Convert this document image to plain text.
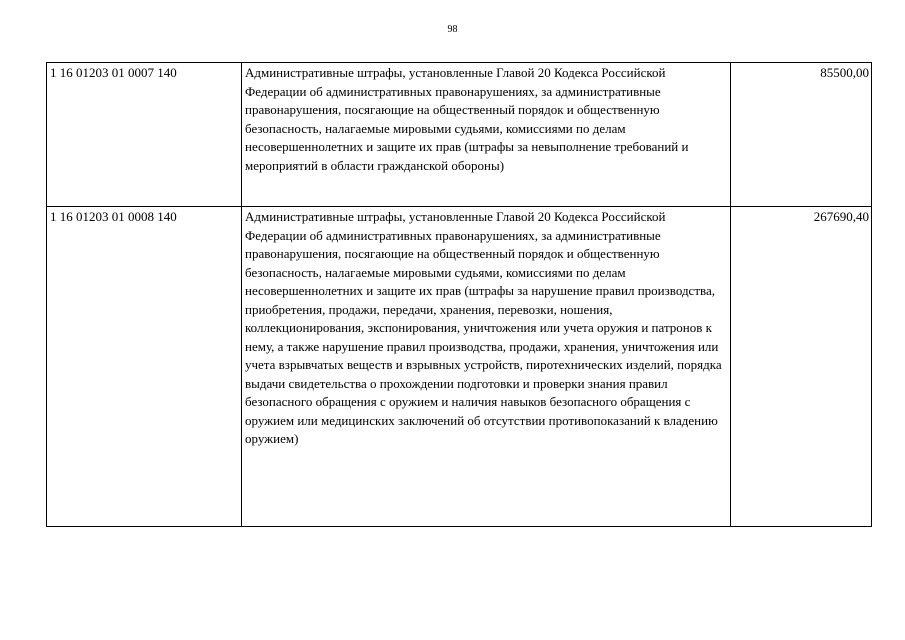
98
1 16 01203 01 0007 140	Административные штрафы, установленные Главой 20 Кодекса Российской Федерации об административных правонарушениях, за административные правонарушения, посягающие на общественный порядок и общественную безопасность, налагаемые мировыми судьями, комиссиями по делам несовершеннолетних и защите их прав (штрафы за невыполнение требований и мероприятий в области гражданской обороны)	85500,00
1 16 01203 01 0008 140	Административные штрафы, установленные Главой 20 Кодекса Российской Федерации об административных правонарушениях, за административные правонарушения, посягающие на общественный порядок и общественную безопасность, налагаемые мировыми судьями, комиссиями по делам несовершеннолетних и защите их прав (штрафы за нарушение правил производства, приобретения, продажи, передачи, хранения, перевозки, ношения, коллекционирования, экспонирования, уничтожения или учета оружия и патронов к нему, а также нарушение правил производства, продажи, хранения, уничтожения или учета взрывчатых веществ и взрывных устройств, пиротехнических изделий, порядка выдачи свидетельства о прохождении подготовки и проверки знания правил безопасного обращения с оружием и наличия навыков безопасного обращения с оружием или медицинских заключений об отсутствии противопоказаний к владению оружием)	267690,40
